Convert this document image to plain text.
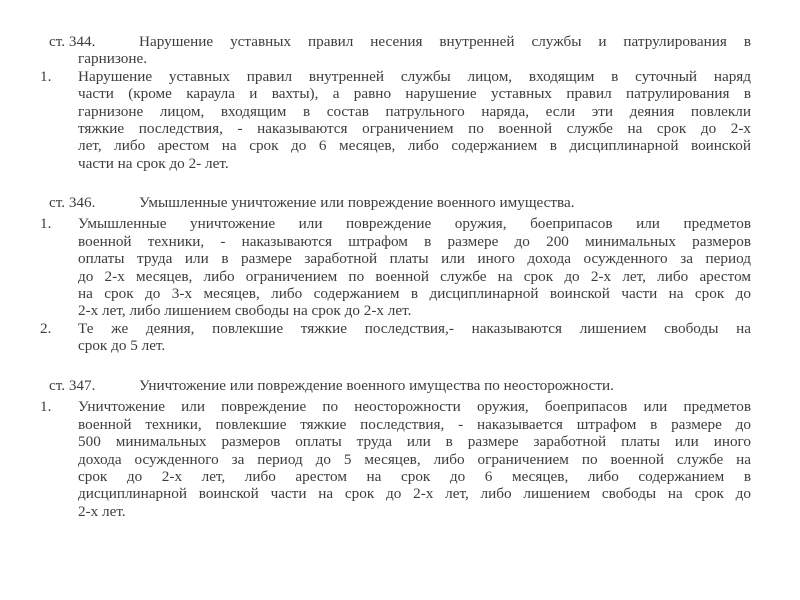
ст. 344.	Нарушение уставных правил несения внутренней службы и патрулирования в
гарнизоне.
1. Нарушение уставных правил внутренней службы лицом, входящим в суточный наряд
части (кроме караула и вахты), а равно нарушение уставных правил патрулирования в
гарнизоне лицом, входящим в состав патрульного наряда, если эти деяния повлекли
тяжкие последствия, - наказываются ограничением по военной службе на срок до 2-х
лет, либо арестом на срок до 6 месяцев, либо содержанием в дисциплинарной воинской
части на срок до 2- лет.
ст. 346.	Умышленные уничтожение или повреждение военного имущества.
1. Умышленные уничтожение или повреждение оружия, боеприпасов или предметов
военной техники, - наказываются штрафом в размере до 200 минимальных размеров
оплаты труда или в размере заработной платы или иного дохода осужденного за период
до 2-х месяцев, либо ограничением по военной службе на срок до 2-х лет, либо арестом
на срок до 3-х месяцев, либо содержанием в дисциплинарной воинской части на срок до
2-х лет, либо лишением свободы на срок до 2-х лет.
2. Те же деяния, повлекшие тяжкие последствия,- наказываются лишением свободы на
срок до 5 лет.
ст. 347.	Уничтожение или повреждение военного имущества по неосторожности.
1. Уничтожение или повреждение по неосторожности оружия, боеприпасов или предметов
военной техники, повлекшие тяжкие последствия, - наказывается штрафом в размере до
500 минимальных размеров оплаты труда или в размере заработной платы или иного
дохода осужденного за период до 5 месяцев, либо ограничением по военной службе на
срок до 2-х лет, либо арестом на срок до 6 месяцев, либо содержанием в
дисциплинарной воинской части на срок до 2-х лет, либо лишением свободы на срок до
2-х лет.
